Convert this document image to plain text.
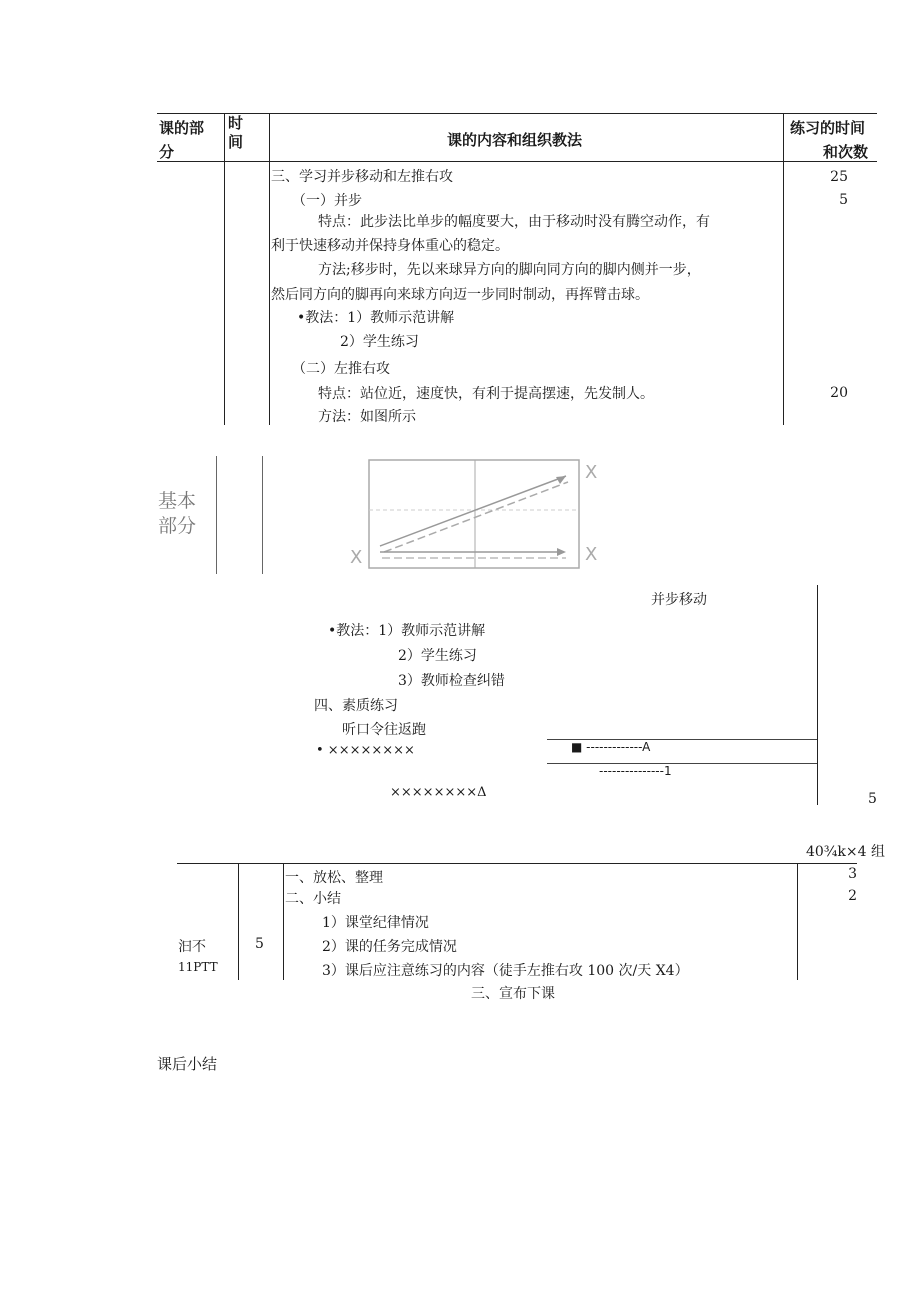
课的部
分
时
间	课的内容和组织教法
练习的时间
和次数
三、学习并步移动和左推右攻
（一）并步
特点：此步法比单步的幅度要大，由于移动时没有腾空动作，有
利于快速移动并保持身体重心的稳定。
方法;移步时，先以来球异方向的脚向同方向的脚内侧并一步，
然后同方向的脚再向来球方向迈一步同时制动，再挥臂击球。
•教法：1）教师示范讲解
2）学生练习
（二）左推右攻
特点：站位近，速度快，有利于提高摆速，先发制人。
方法：如图所示
25
5
20
基本
部分
X
X
X
并步移动
•教法：1）教师示范讲解
2）学生练习
3）教师检查纠错
四、素质练习
听口令往返跑
• ××××××××
××××××××Δ
■ -------------A
---------------1
5
40¾k×4 组
一、放松、整理
二、小结
1）课堂纪律情况
2）课的任务完成情况
3）课后应注意练习的内容（徒手左推右攻 100 次/天 X4）
3
2
汩不
11PTT
5
三、宣布下课
课后小结
